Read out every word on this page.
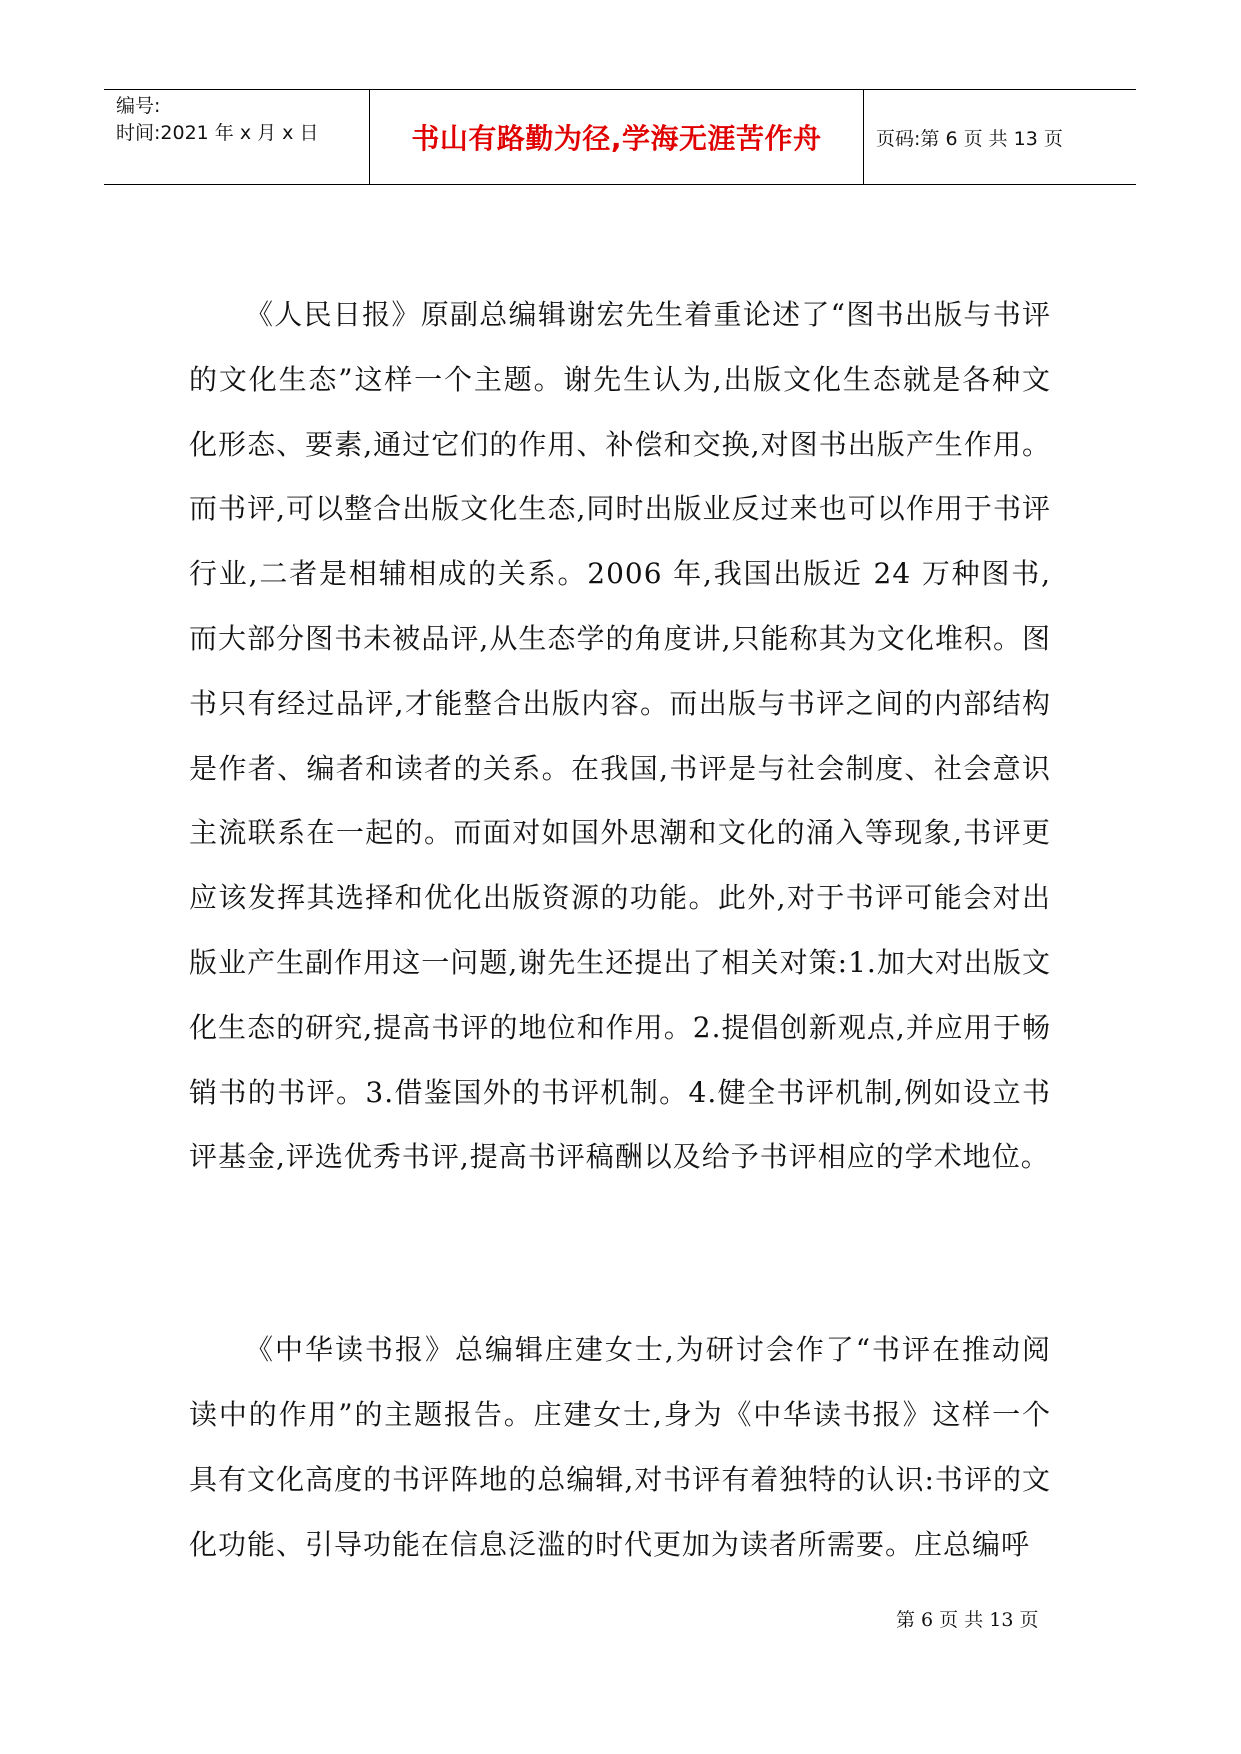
编号:
时间:2021 年 x 月 x 日	书山有路勤为径,学海无涯苦作舟	页码:第 6 页 共 13 页

《人民日报》原副总编辑谢宏先生着重论述了“图书出版与书评的文化生态”这样一个主题。谢先生认为,出版文化生态就是各种文化形态、要素,通过它们的作用、补偿和交换,对图书出版产生作用。而书评,可以整合出版文化生态,同时出版业反过来也可以作用于书评行业,二者是相辅相成的关系。2006 年,我国出版近 24 万种图书,而大部分图书未被品评,从生态学的角度讲,只能称其为文化堆积。图书只有经过品评,才能整合出版内容。而出版与书评之间的内部结构是作者、编者和读者的关系。在我国,书评是与社会制度、社会意识主流联系在一起的。而面对如国外思潮和文化的涌入等现象,书评更应该发挥其选择和优化出版资源的功能。此外,对于书评可能会对出版业产生副作用这一问题,谢先生还提出了相关对策:1.加大对出版文化生态的研究,提高书评的地位和作用。2.提倡创新观点,并应用于畅销书的书评。3.借鉴国外的书评机制。4.健全书评机制,例如设立书评基金,评选优秀书评,提高书评稿酬以及给予书评相应的学术地位。

《中华读书报》总编辑庄建女士,为研讨会作了“书评在推动阅读中的作用”的主题报告。庄建女士,身为《中华读书报》这样一个具有文化高度的书评阵地的总编辑,对书评有着独特的认识:书评的文化功能、引导功能在信息泛滥的时代更加为读者所需要。庄总编呼

第 6 页 共 13 页
